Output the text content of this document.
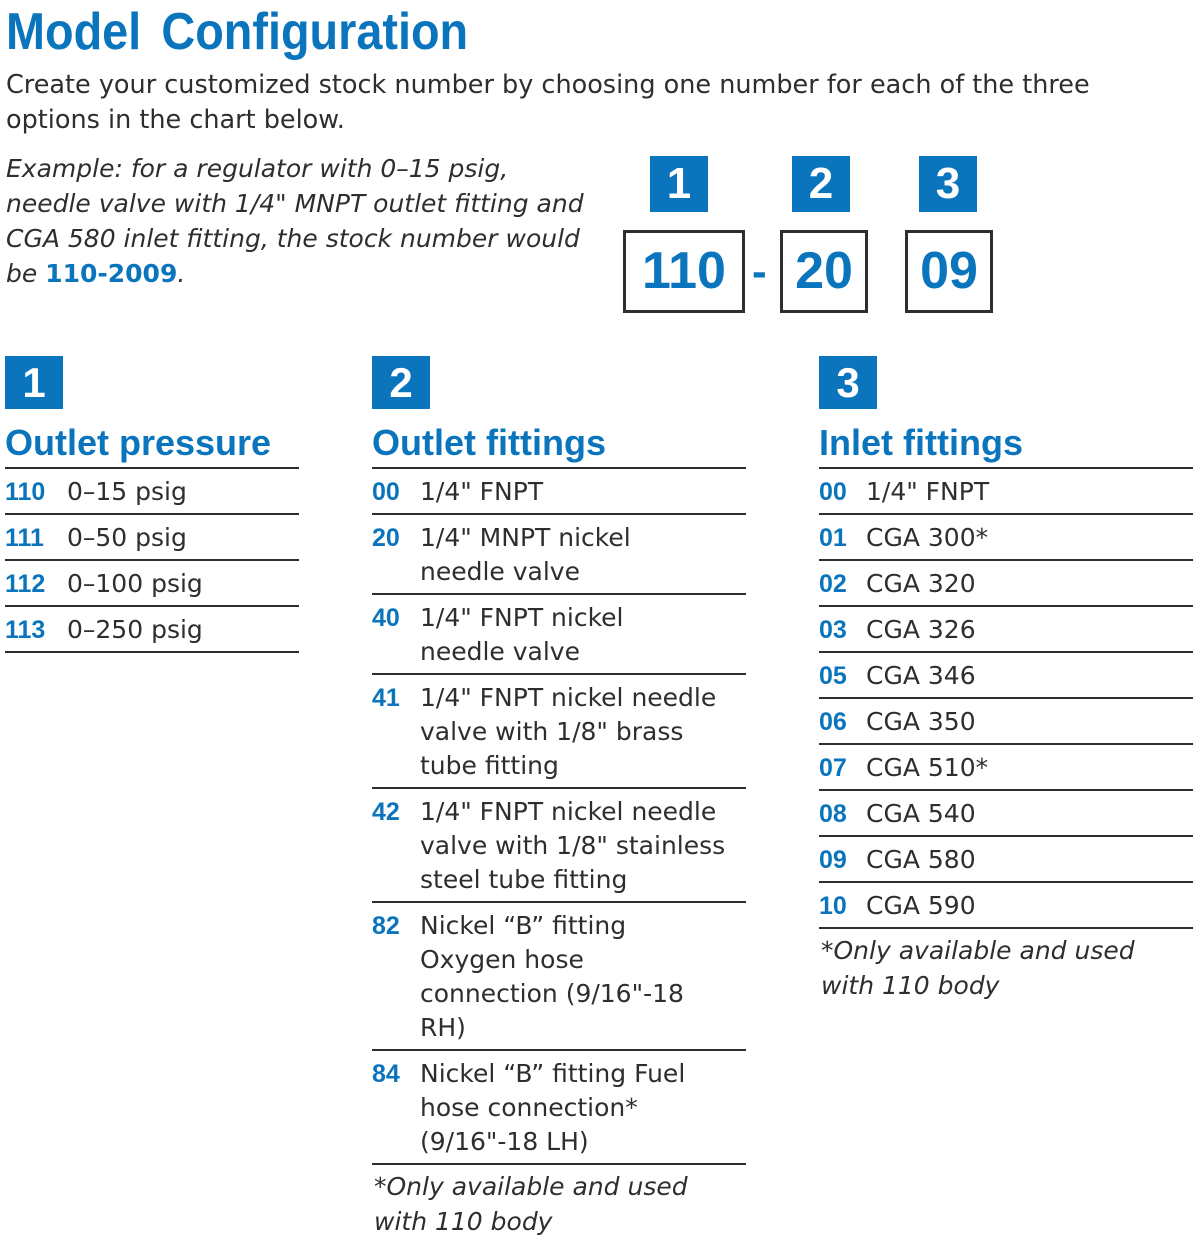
Model Configuration
Create your customized stock number by choosing one number for each of the three options in the chart below.
Example: for a regulator with 0–15 psig, needle valve with 1/4" MNPT outlet fitting and CGA 580 inlet fitting, the stock number would be 110-2009.
1	2	3
110 - 20 09
1
Outlet pressure
110 0–15 psig
111 0–50 psig
112 0–100 psig
113 0–250 psig
2
Outlet fittings
00 1/4" FNPT
20 1/4" MNPT nickel needle valve
40 1/4" FNPT nickel needle valve
41 1/4" FNPT nickel needle valve with 1/8" brass tube fitting
42 1/4" FNPT nickel needle valve with 1/8" stainless steel tube fitting
82 Nickel “B” fitting Oxygen hose connection (9/16"-18 RH)
84 Nickel “B” fitting Fuel hose connection* (9/16"-18 LH)
*Only available and used with 110 body
3
Inlet fittings
00 1/4" FNPT
01 CGA 300*
02 CGA 320
03 CGA 326
05 CGA 346
06 CGA 350
07 CGA 510*
08 CGA 540
09 CGA 580
10 CGA 590
*Only available and used with 110 body
